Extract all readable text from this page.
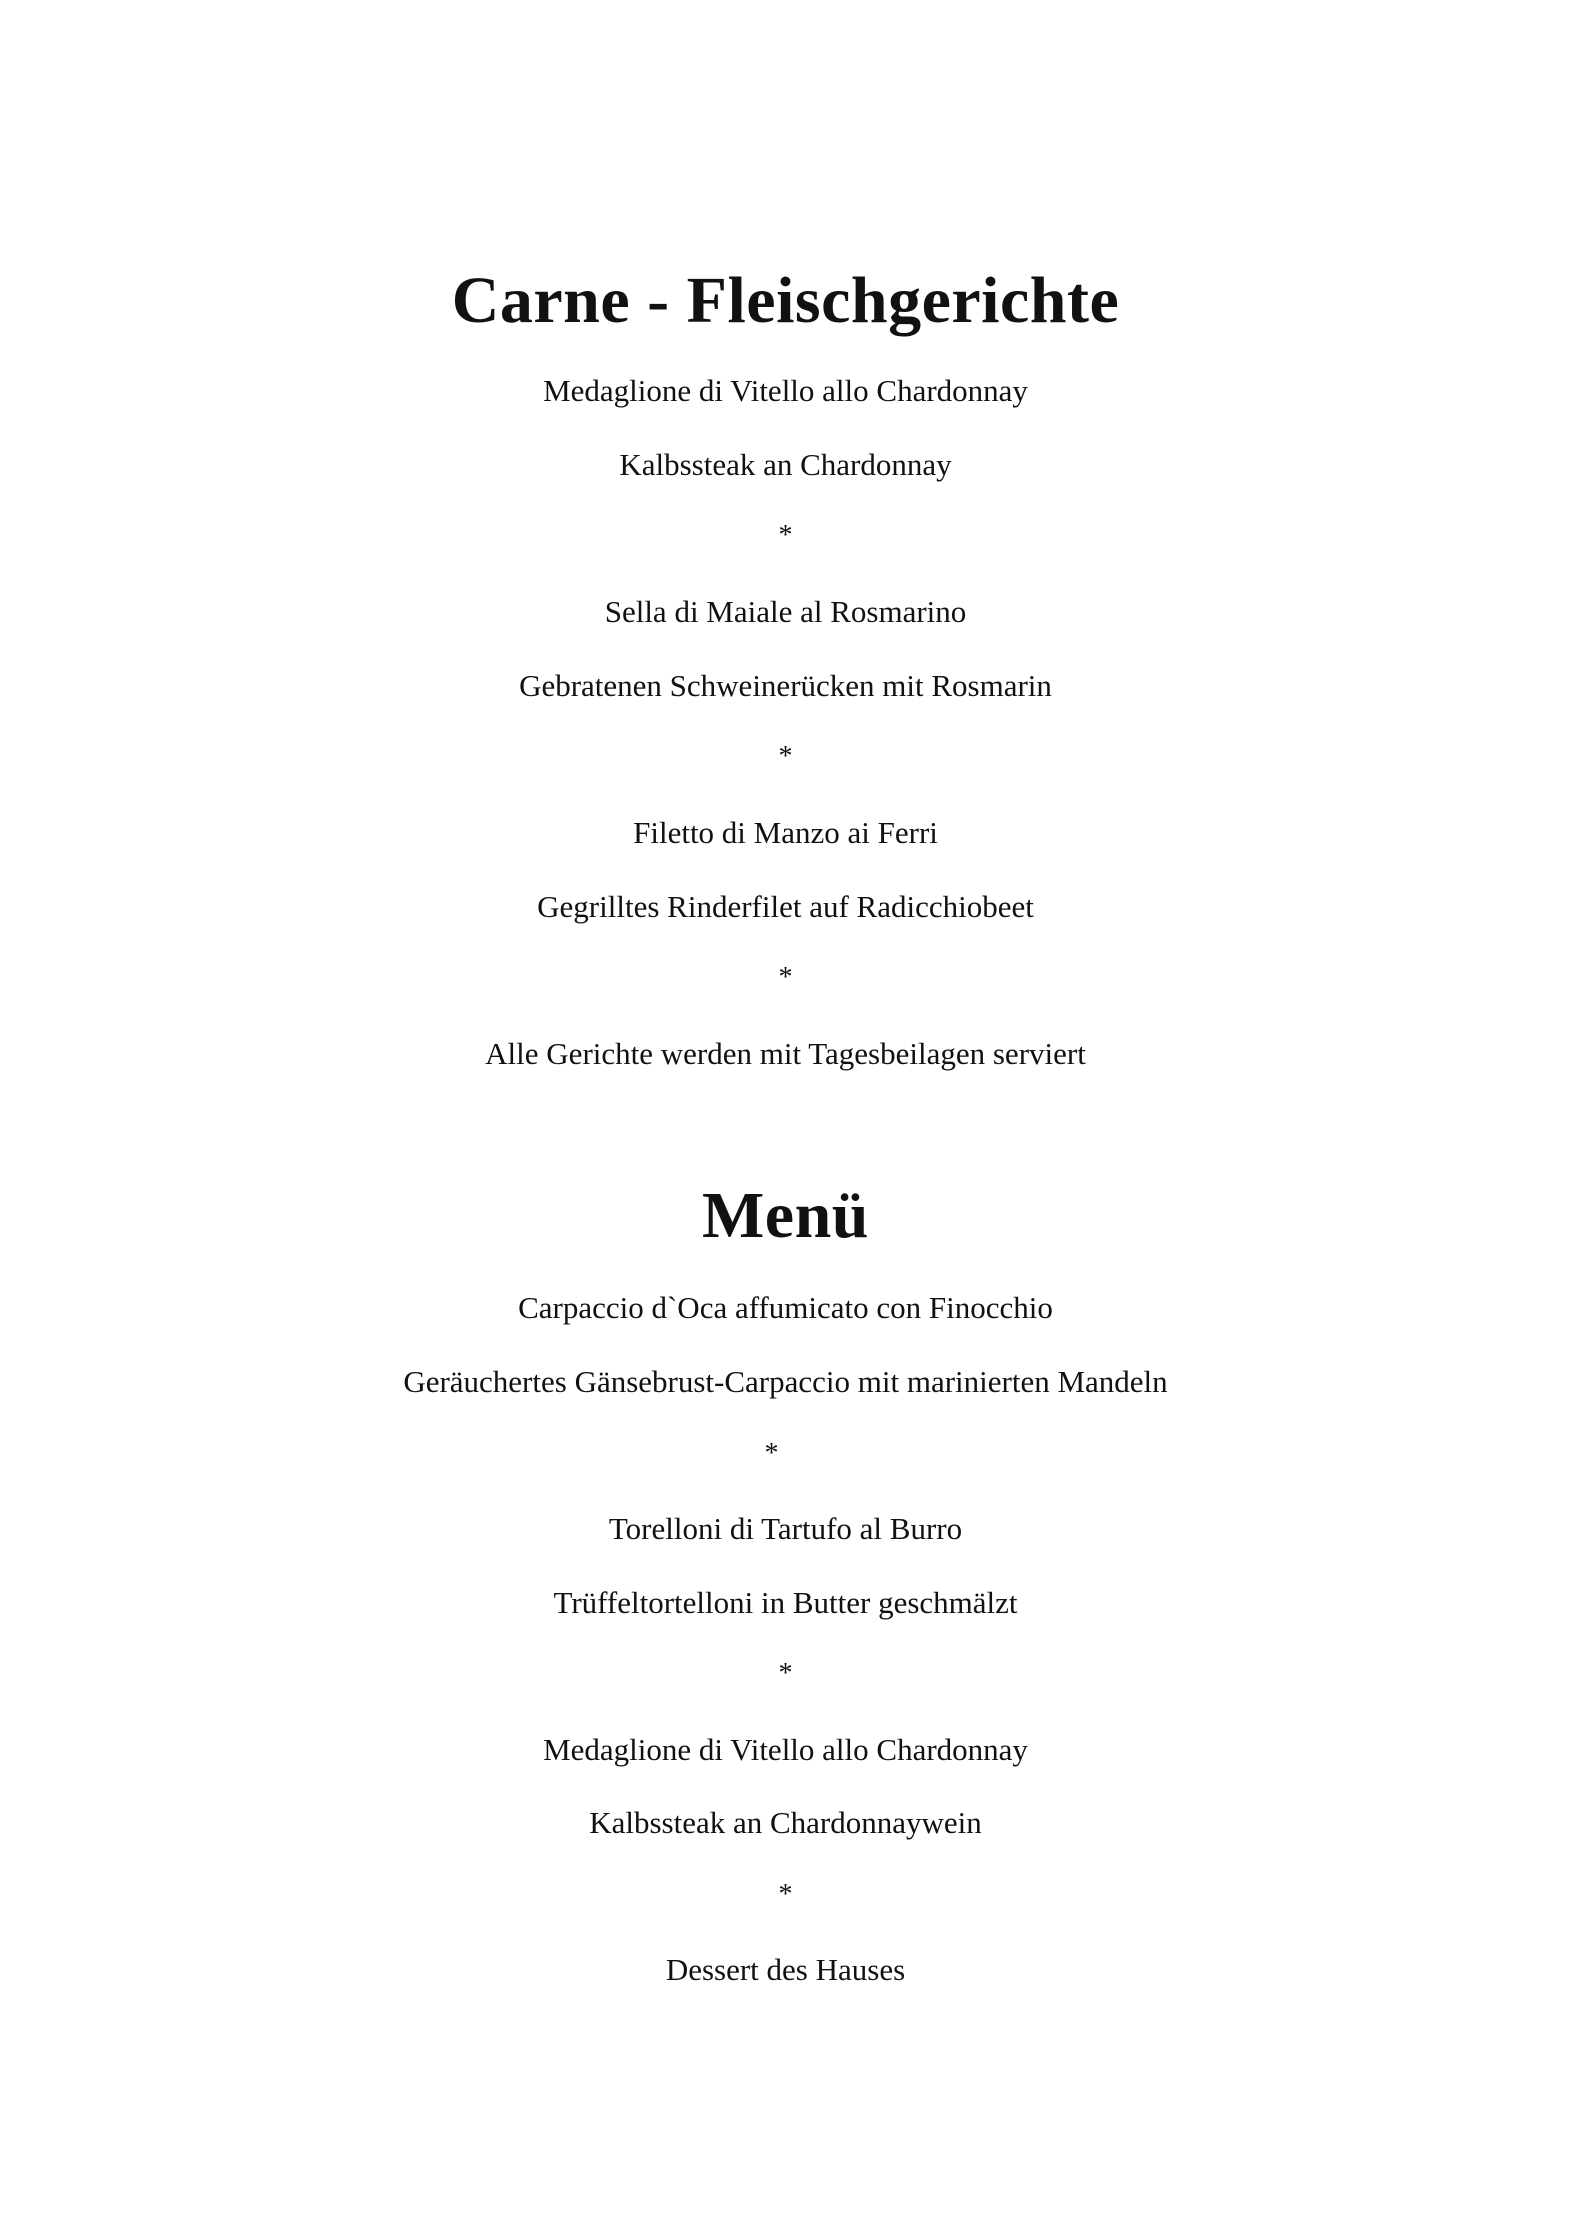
Carne - Fleischgerichte
Medaglione di Vitello allo Chardonnay
Kalbssteak an Chardonnay
*
Sella di Maiale al Rosmarino
Gebratenen Schweinerücken mit Rosmarin
*
Filetto di Manzo ai Ferri
Gegrilltes Rinderfilet auf Radicchiobeet
*
Alle Gerichte werden mit Tagesbeilagen serviert
Menü
Carpaccio d`Oca affumicato con Finocchio
Geräuchertes Gänsebrust-Carpaccio mit marinierten Mandeln
*
Torelloni di Tartufo al Burro
Trüffeltortelloni in Butter geschmälzt
*
Medaglione di Vitello allo Chardonnay
Kalbssteak an Chardonnaywein
*
Dessert des Hauses
